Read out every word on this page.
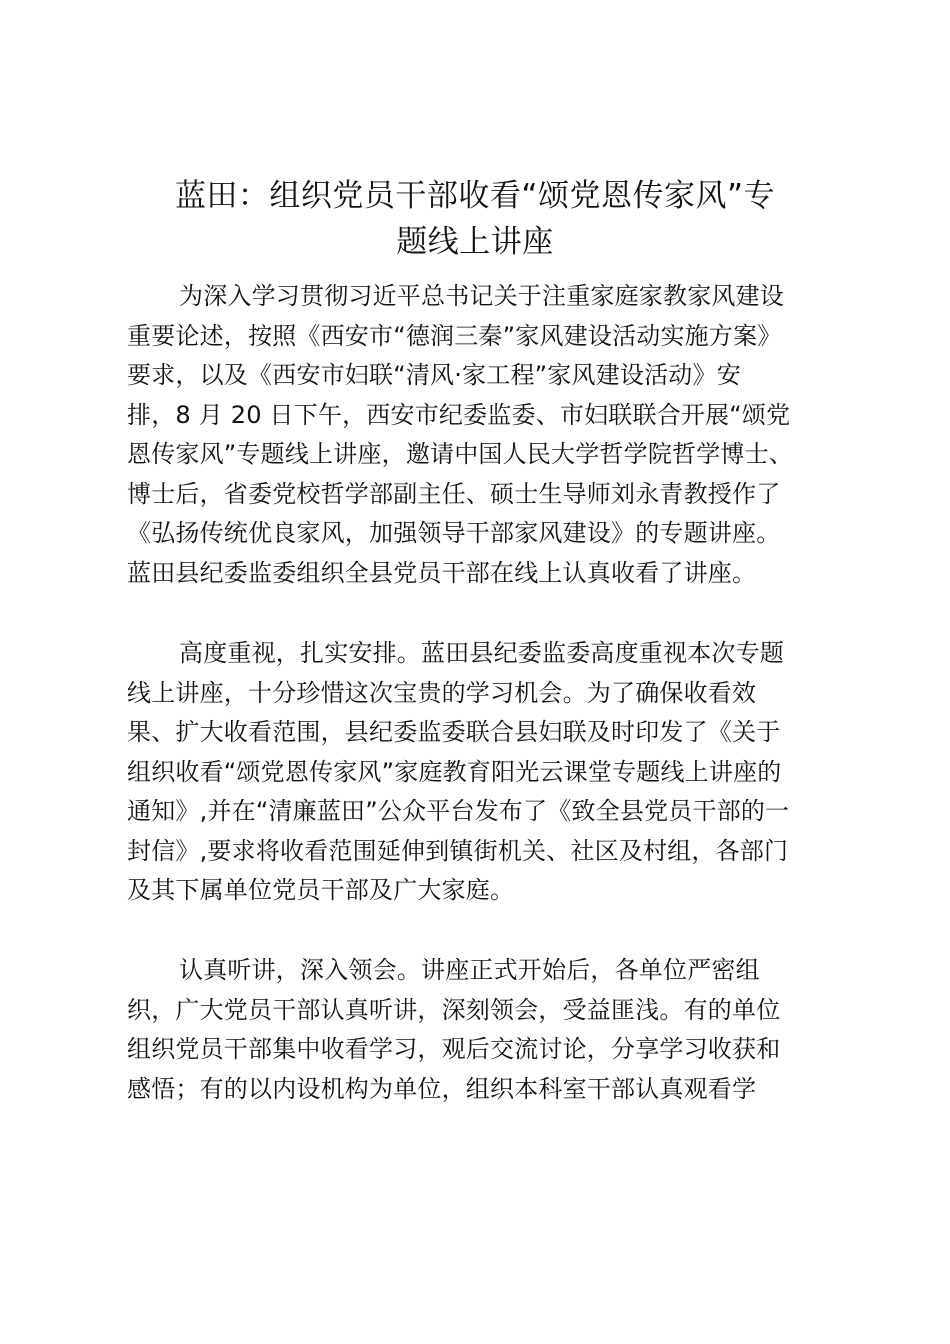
蓝田：组织党员干部收看“颂党恩传家风”专
题线上讲座

为深入学习贯彻习近平总书记关于注重家庭家教家风建设
重要论述，按照《西安市“德润三秦”家风建设活动实施方案》
要求，以及《西安市妇联“清风·家工程”家风建设活动》安
排，8 月 20 日下午，西安市纪委监委、市妇联联合开展“颂党
恩传家风”专题线上讲座，邀请中国人民大学哲学院哲学博士、
博士后，省委党校哲学部副主任、硕士生导师刘永青教授作了
《弘扬传统优良家风，加强领导干部家风建设》的专题讲座。
蓝田县纪委监委组织全县党员干部在线上认真收看了讲座。

高度重视，扎实安排。蓝田县纪委监委高度重视本次专题
线上讲座，十分珍惜这次宝贵的学习机会。为了确保收看效
果、扩大收看范围，县纪委监委联合县妇联及时印发了《关于
组织收看“颂党恩传家风”家庭教育阳光云课堂专题线上讲座的
通知》,并在“清廉蓝田”公众平台发布了《致全县党员干部的一
封信》,要求将收看范围延伸到镇街机关、社区及村组，各部门
及其下属单位党员干部及广大家庭。

认真听讲，深入领会。讲座正式开始后，各单位严密组
织，广大党员干部认真听讲，深刻领会，受益匪浅。有的单位
组织党员干部集中收看学习，观后交流讨论，分享学习收获和
感悟；有的以内设机构为单位，组织本科室干部认真观看学
